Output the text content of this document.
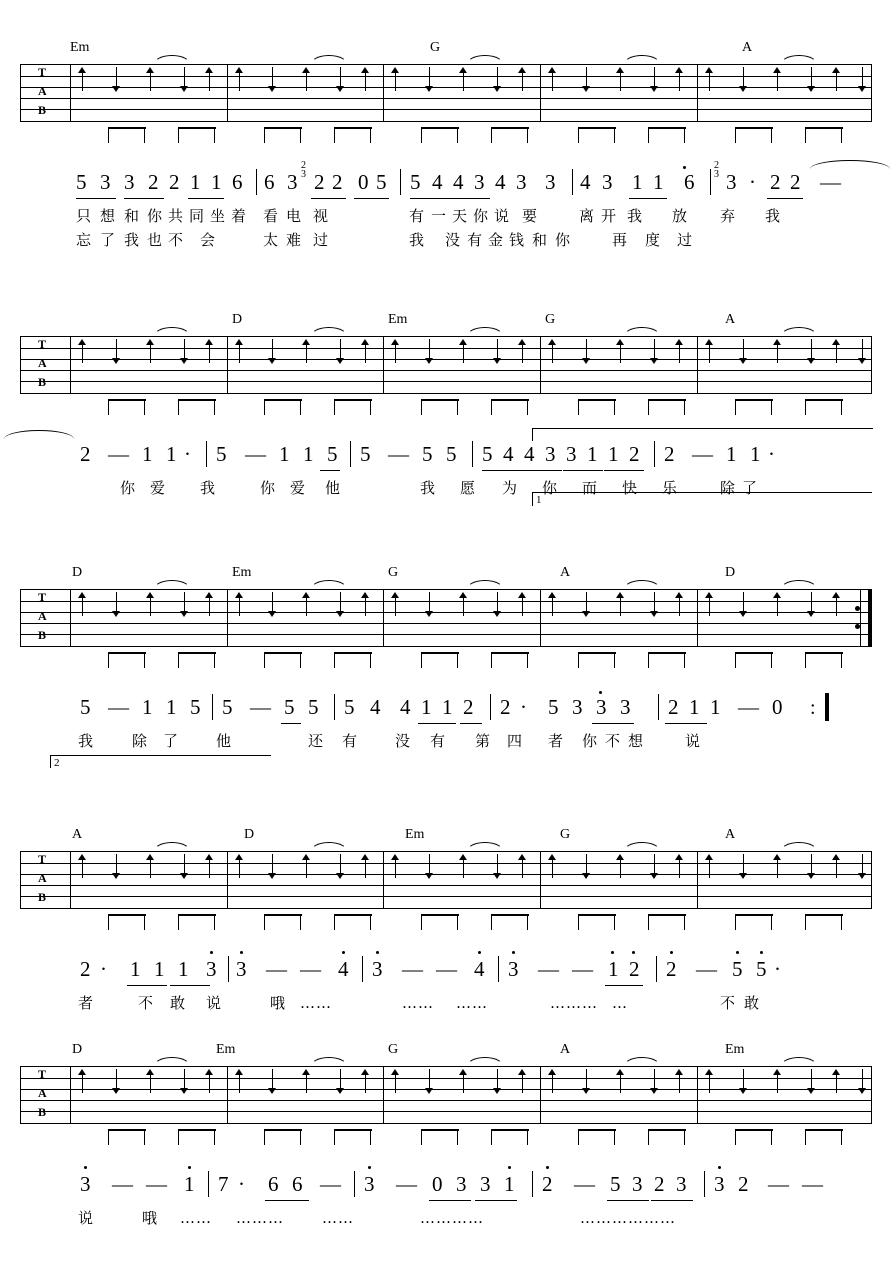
Em	G	A
T
A
B
5 3 3 2 2 1 1 6 6 3
2
3 2 2 0 5 5 4 4 3 4 3 3 4 3 1 1 6
2
3 3 · 2 2 —
只 想 和 你 共 同 坐 着 看 电 视	有 一 天 你 说 要	离 开 我 放 弃 我
忘 了 我 也 不 会	太 难 过	我 没 有 金 钱 和 你	再 度 过
D	Em	G	A
T
A
B
2 — 1 1 · 5 — 1 1 5 5 — 5 5 5 4 4 3 3 1 1 2 2 — 1 1 ·
你 爱 我	你 爱 他	我 愿 为 你 而 快 乐	除 了
1
D	Em	G	A	D
T
A
B
5 — 1 1 5 5 — 5 5 5 4 4 1 1 2 2 · 5 3 3 3 2 1 1 — 0 :
我	除 了	他	还 有	没 有 第 四 者 你 不 想	说
2
A	D	Em	G	A
T
A
B
2 · 1 1 1 3 3 — — 4 3 — — 4 3 — — 1 2 2 — 5 5 ·
者	不 敢 说	哦 … …	… … … …	… … … …	不 敢
D	Em	G	A	Em
T
A
B
3 — — 1 7 · 6 6 — 3 — 0 3 3 1 2 — 5 3 2 3 3 2 — —
说	哦 … … … … …	… …	… … … …	… … … … … …
